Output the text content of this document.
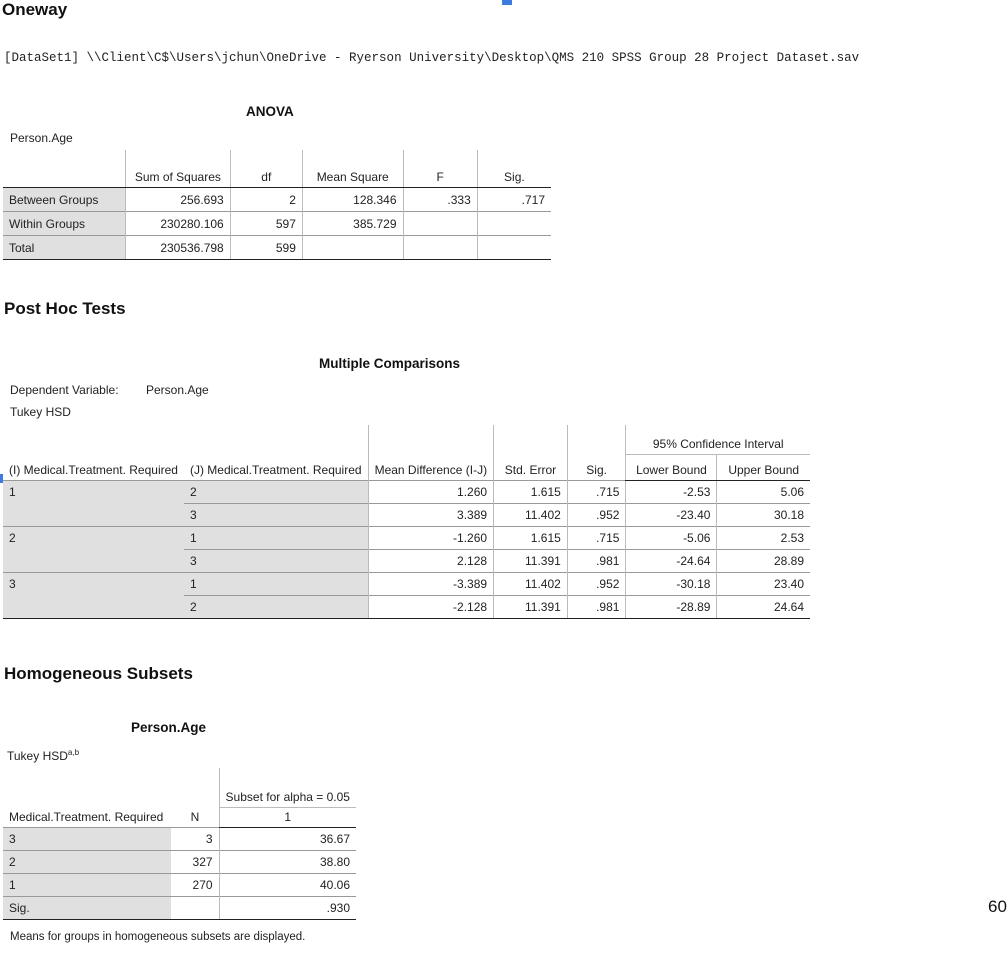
Oneway
[DataSet1] \\Client\C$\Users\jchun\OneDrive - Ryerson University\Desktop\QMS 210 SPSS Group 28 Project Dataset.sav
ANOVA
Person.Age
	Sum of Squares	df	Mean Square	F	Sig.
Between Groups	256.693	2	128.346	.333	.717
Within Groups	230280.106	597	385.729		
Total	230536.798	599			
Post Hoc Tests
Multiple Comparisons
Dependent Variable: Person.Age
Tukey HSD
(I) Medical.Treatment. Required	(J) Medical.Treatment. Required	Mean Difference (I-J)	Std. Error	Sig.	95% Confidence Interval	
					Lower Bound	Upper Bound
1	2	1.260	1.615	.715	-2.53	5.06
	3	3.389	11.402	.952	-23.40	30.18
2	1	-1.260	1.615	.715	-5.06	2.53
	3	2.128	11.391	.981	-24.64	28.89
3	1	-3.389	11.402	.952	-30.18	23.40
	2	-2.128	11.391	.981	-28.89	24.64
Homogeneous Subsets
Person.Age
Tukey HSD$^{a,b}$
Medical.Treatment. Required	N	Subset for alpha = 0.05
		1
3	3	36.67
2	327	38.80
1	270	40.06
Sig.		.930
Means for groups in homogeneous subsets are displayed.
60
